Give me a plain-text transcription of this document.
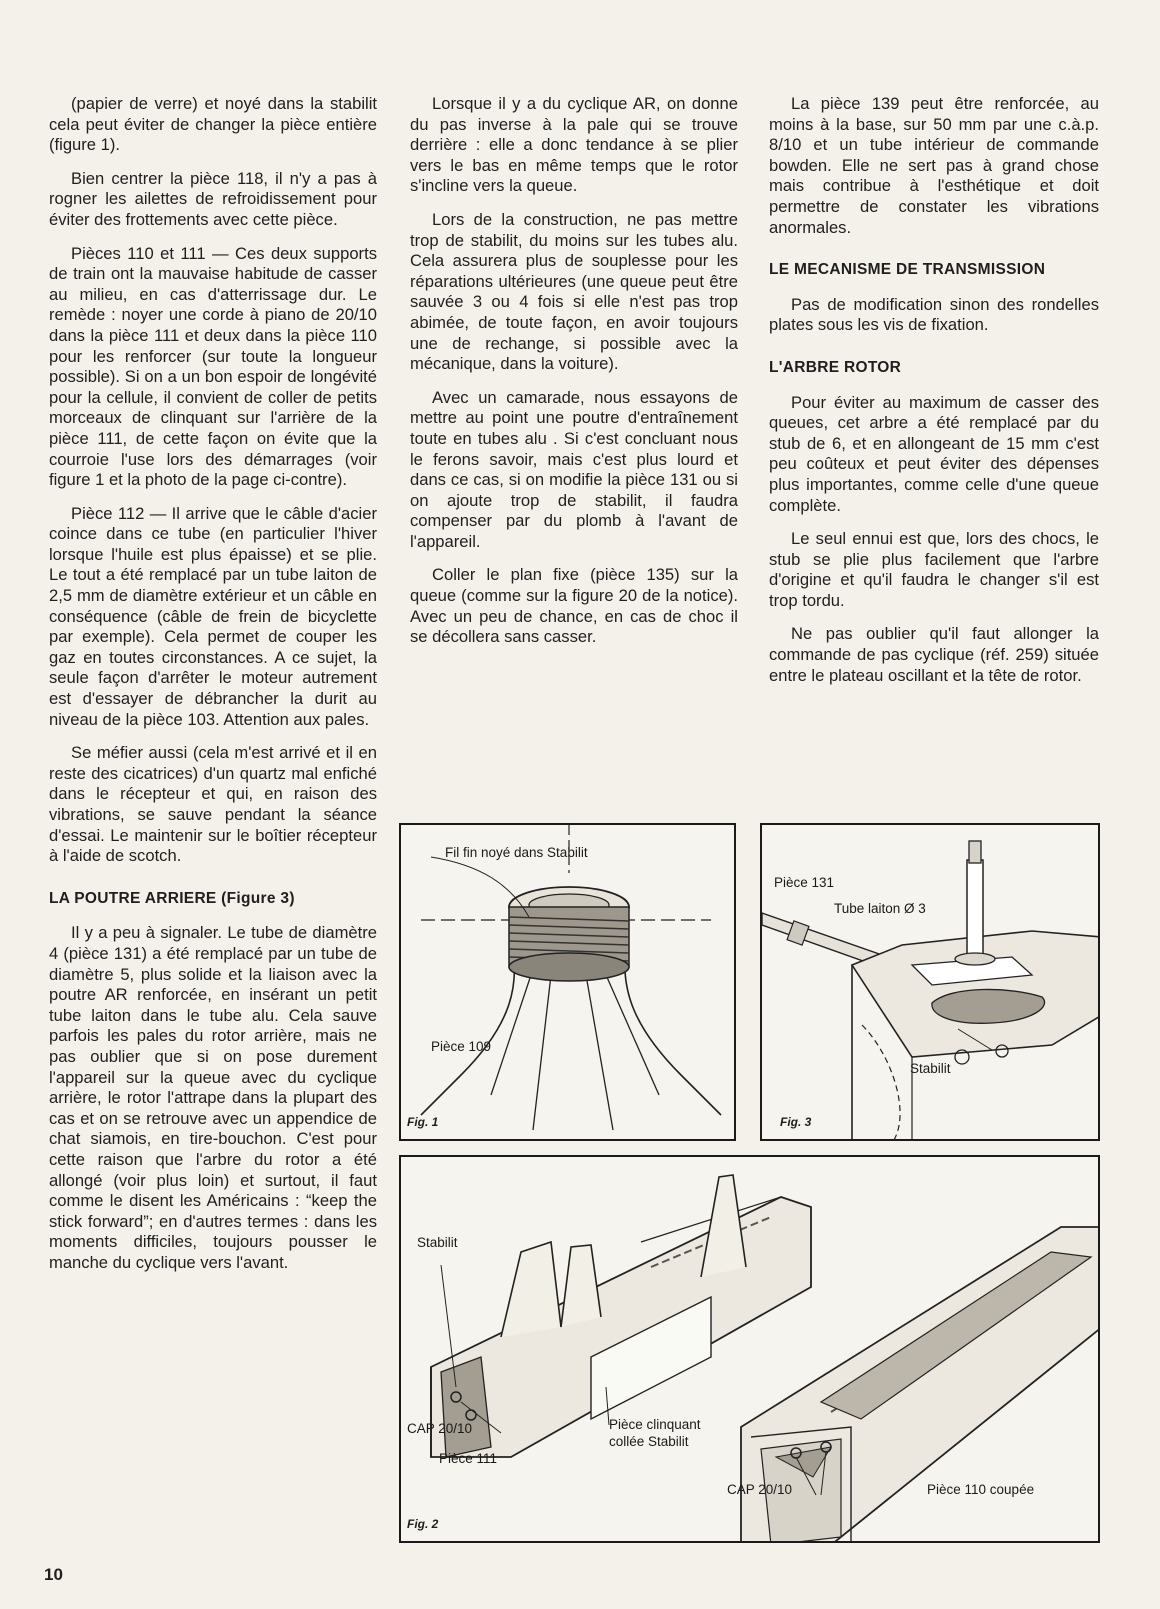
(papier de verre) et noyé dans la stabilit cela peut éviter de changer la pièce entière (figure 1).

Bien centrer la pièce 118, il n'y a pas à rogner les ailettes de refroidissement pour éviter des frottements avec cette pièce.

Pièces 110 et 111 — Ces deux supports de train ont la mauvaise habitude de casser au milieu, en cas d'atterrissage dur. Le remède : noyer une corde à piano de 20/10 dans la pièce 111 et deux dans la pièce 110 pour les renforcer (sur toute la longueur possible). Si on a un bon espoir de longévité pour la cellule, il convient de coller de petits morceaux de clinquant sur l'arrière de la pièce 111, de cette façon on évite que la courroie l'use lors des démarrages (voir figure 1 et la photo de la page ci-contre).

Pièce 112 — Il arrive que le câble d'acier coince dans ce tube (en particulier l'hiver lorsque l'huile est plus épaisse) et se plie. Le tout a été remplacé par un tube laiton de 2,5 mm de diamètre extérieur et un câble en conséquence (câble de frein de bicyclette par exemple). Cela permet de couper les gaz en toutes circonstances. A ce sujet, la seule façon d'arrêter le moteur autrement est d'essayer de débrancher la durit au niveau de la pièce 103. Attention aux pales.

Se méfier aussi (cela m'est arrivé et il en reste des cicatrices) d'un quartz mal enfiché dans le récepteur et qui, en raison des vibrations, se sauve pendant la séance d'essai. Le maintenir sur le boîtier récepteur à l'aide de scotch.

LA POUTRE ARRIERE (Figure 3)

Il y a peu à signaler. Le tube de diamètre 4 (pièce 131) a été remplacé par un tube de diamètre 5, plus solide et la liaison avec la poutre AR renforcée, en insérant un petit tube laiton dans le tube alu. Cela sauve parfois les pales du rotor arrière, mais ne pas oublier que si on pose durement l'appareil sur la queue avec du cyclique arrière, le rotor l'attrape dans la plupart des cas et on se retrouve avec un appendice de chat siamois, en tire-bouchon. C'est pour cette raison que l'arbre du rotor a été allongé (voir plus loin) et surtout, il faut comme le disent les Américains : “keep the stick forward”; en d'autres termes : dans les moments difficiles, toujours pousser le manche du cyclique vers l'avant.

Lorsque il y a du cyclique AR, on donne du pas inverse à la pale qui se trouve derrière : elle a donc tendance à se plier vers le bas en même temps que le rotor s'incline vers la queue.

Lors de la construction, ne pas mettre trop de stabilit, du moins sur les tubes alu. Cela assurera plus de souplesse pour les réparations ultérieures (une queue peut être sauvée 3 ou 4 fois si elle n'est pas trop abimée, de toute façon, en avoir toujours une de rechange, si possible avec la mécanique, dans la voiture).

Avec un camarade, nous essayons de mettre au point une poutre d'entraînement toute en tubes alu . Si c'est concluant nous le ferons savoir, mais c'est plus lourd et dans ce cas, si on modifie la pièce 131 ou si on ajoute trop de stabilit, il faudra compenser par du plomb à l'avant de l'appareil.

Coller le plan fixe (pièce 135) sur la queue (comme sur la figure 20 de la notice). Avec un peu de chance, en cas de choc il se décollera sans casser.

La pièce 139 peut être renforcée, au moins à la base, sur 50 mm par une c.à.p. 8/10 et un tube intérieur de commande bowden. Elle ne sert pas à grand chose mais contribue à l'esthétique et doit permettre de constater les vibrations anormales.

LE MECANISME DE TRANSMISSION

Pas de modification sinon des rondelles plates sous les vis de fixation.

L'ARBRE ROTOR

Pour éviter au maximum de casser des queues, cet arbre a été remplacé par du stub de 6, et en allongeant de 15 mm c'est peu coûteux et peut éviter des dépenses plus importantes, comme celle d'une queue complète.

Le seul ennui est que, lors des chocs, le stub se plie plus facilement que l'arbre d'origine et qu'il faudra le changer s'il est trop tordu.

Ne pas oublier qu'il faut allonger la commande de pas cyclique (réf. 259) située entre le plateau oscillant et la tête de rotor.

Fil fin noyé dans Stabilit
Pièce 109
Fig. 1
Pièce 131
Tube laiton Ø 3
Stabilit
Fig. 3
Stabilit
CAP 20/10
Pièce 111
Pièce clinquant
collée Stabilit
CAP 20/10	Pièce 110 coupée
Fig. 2
10
